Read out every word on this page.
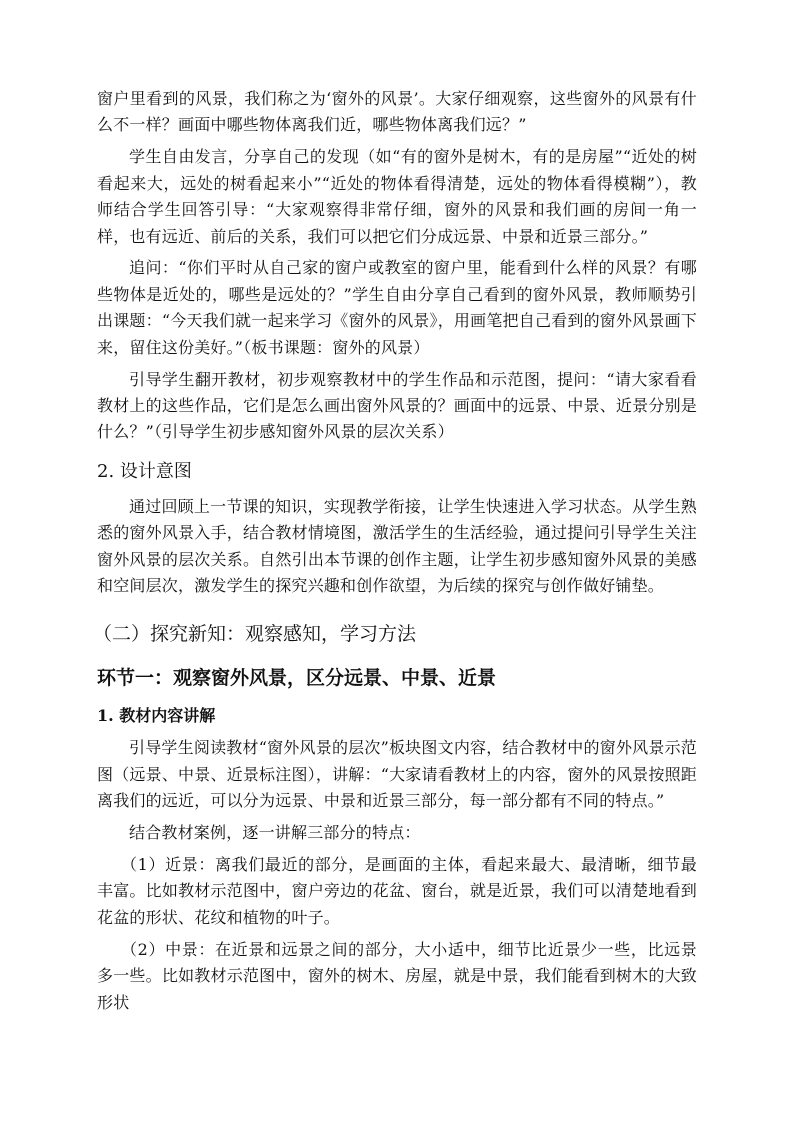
窗户里看到的风景，我们称之为‘窗外的风景’。大家仔细观察，这些窗外的风景有什么不一样？画面中哪些物体离我们近，哪些物体离我们远？”

学生自由发言，分享自己的发现（如“有的窗外是树木，有的是房屋”“近处的树看起来大，远处的树看起来小”“近处的物体看得清楚，远处的物体看得模糊”），教师结合学生回答引导：“大家观察得非常仔细，窗外的风景和我们画的房间一角一样，也有远近、前后的关系，我们可以把它们分成远景、中景和近景三部分。”

追问：“你们平时从自己家的窗户或教室的窗户里，能看到什么样的风景？有哪些物体是近处的，哪些是远处的？”学生自由分享自己看到的窗外风景，教师顺势引出课题：“今天我们就一起来学习《窗外的风景》，用画笔把自己看到的窗外风景画下来，留住这份美好。”（板书课题：窗外的风景）

引导学生翻开教材，初步观察教材中的学生作品和示范图，提问：“请大家看看教材上的这些作品，它们是怎么画出窗外风景的？画面中的远景、中景、近景分别是什么？”（引导学生初步感知窗外风景的层次关系）

2. 设计意图

通过回顾上一节课的知识，实现教学衔接，让学生快速进入学习状态。从学生熟悉的窗外风景入手，结合教材情境图，激活学生的生活经验，通过提问引导学生关注窗外风景的层次关系。自然引出本节课的创作主题，让学生初步感知窗外风景的美感和空间层次，激发学生的探究兴趣和创作欲望，为后续的探究与创作做好铺垫。

（二）探究新知：观察感知，学习方法
环节一：观察窗外风景，区分远景、中景、近景
1. 教材内容讲解

引导学生阅读教材“窗外风景的层次”板块图文内容，结合教材中的窗外风景示范图（远景、中景、近景标注图），讲解：“大家请看教材上的内容，窗外的风景按照距离我们的远近，可以分为远景、中景和近景三部分，每一部分都有不同的特点。”

结合教材案例，逐一讲解三部分的特点：

（1）近景：离我们最近的部分，是画面的主体，看起来最大、最清晰，细节最丰富。比如教材示范图中，窗户旁边的花盆、窗台，就是近景，我们可以清楚地看到花盆的形状、花纹和植物的叶子。

（2）中景：在近景和远景之间的部分，大小适中，细节比近景少一些，比远景多一些。比如教材示范图中，窗外的树木、房屋，就是中景，我们能看到树木的大致形状
